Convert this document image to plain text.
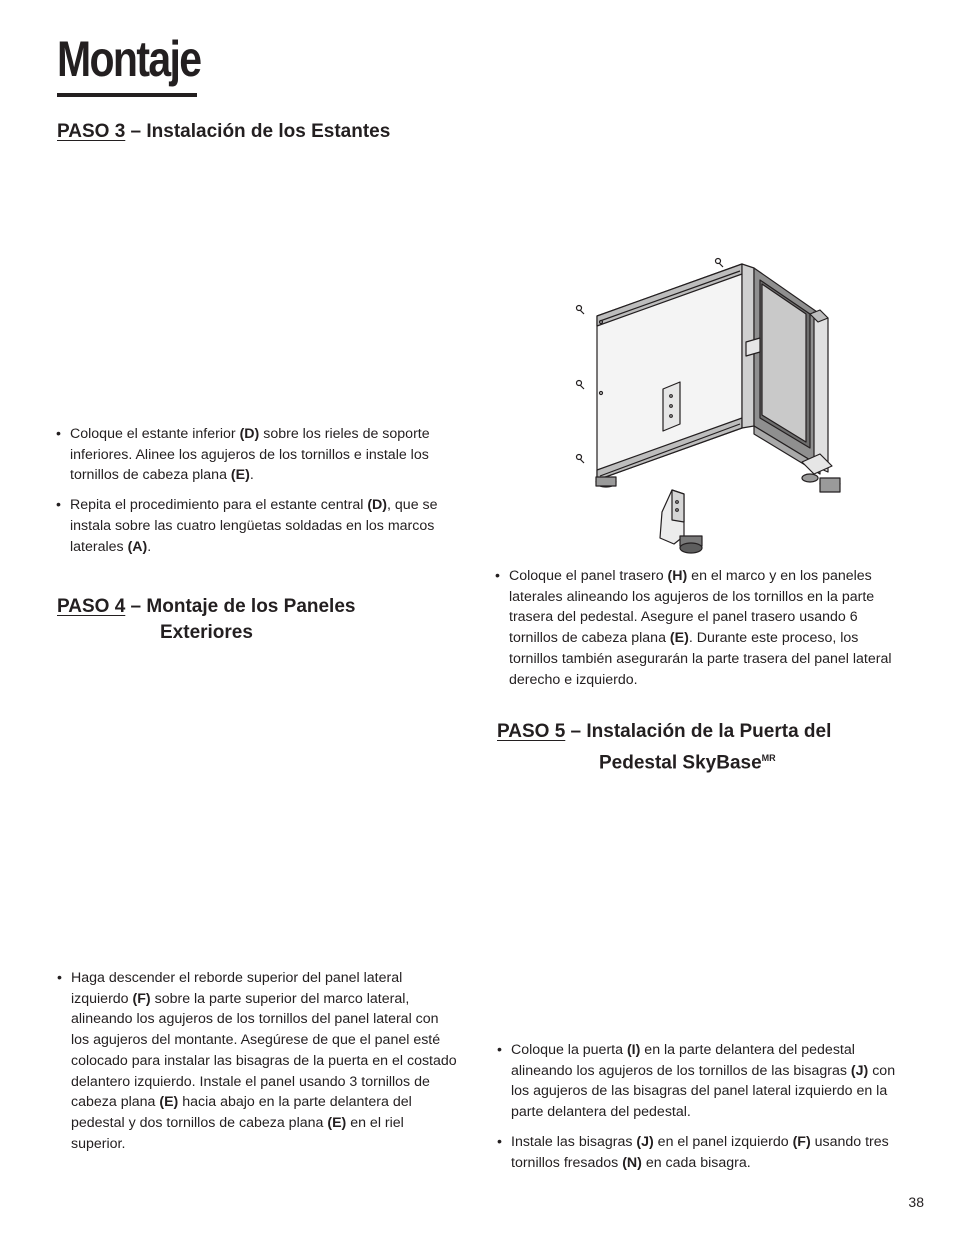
Montaje
PASO 3 – Instalación de los Estantes
• Coloque el estante inferior (D) sobre los rieles de soporte inferiores. Alinee los agujeros de los tornillos e instale los tornillos de cabeza plana (E).
• Repita el procedimiento para el estante central (D), que se instala sobre las cuatro lengüetas soldadas en los marcos laterales (A).
PASO 4 – Montaje de los Paneles
Exteriores
• Haga descender el reborde superior del panel lateral izquierdo (F) sobre la parte superior del marco lateral, alineando los agujeros de los tornillos del panel lateral con los agujeros del montante. Asegúrese de que el panel esté colocado para instalar las bisagras de la puerta en el costado delantero izquierdo. Instale el panel usando 3 tornillos de cabeza plana (E) hacia abajo en la parte delantera del pedestal y dos tornillos de cabeza plana (E) en el riel superior.
• Coloque el panel trasero (H) en el marco y en los paneles laterales alineando los agujeros de los tornillos en la parte trasera del pedestal. Asegure el panel trasero usando 6 tornillos de cabeza plana (E). Durante este proceso, los tornillos también asegurarán la parte trasera del panel lateral derecho e izquierdo.
PASO 5 – Instalación de la Puerta del
Pedestal SkyBase$^{MR}$
• Coloque la puerta (I) en la parte delantera del pedestal alineando los agujeros de los tornillos de las bisagras (J) con los agujeros de las bisagras del panel lateral izquierdo en la parte delantera del pedestal.
• Instale las bisagras (J) en el panel izquierdo (F) usando tres tornillos fresados (N) en cada bisagra.
38
